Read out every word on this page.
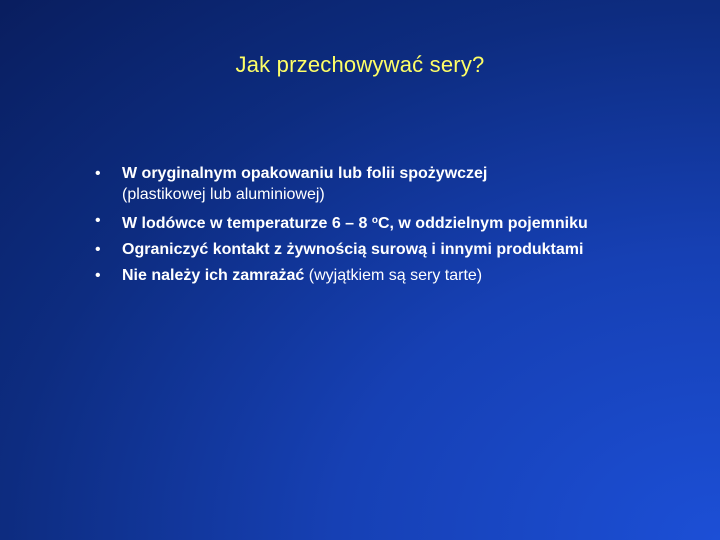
Jak przechowywać sery?
•	W oryginalnym opakowaniu lub folii spożywczej
(plastikowej lub aluminiowej)
•	W lodówce w temperaturze 6 – 8 $^o$C, w oddzielnym pojemniku
•	Ograniczyć kontakt z żywnością surową i innymi produktami
•	Nie należy ich zamrażać (wyjątkiem są sery tarte)
